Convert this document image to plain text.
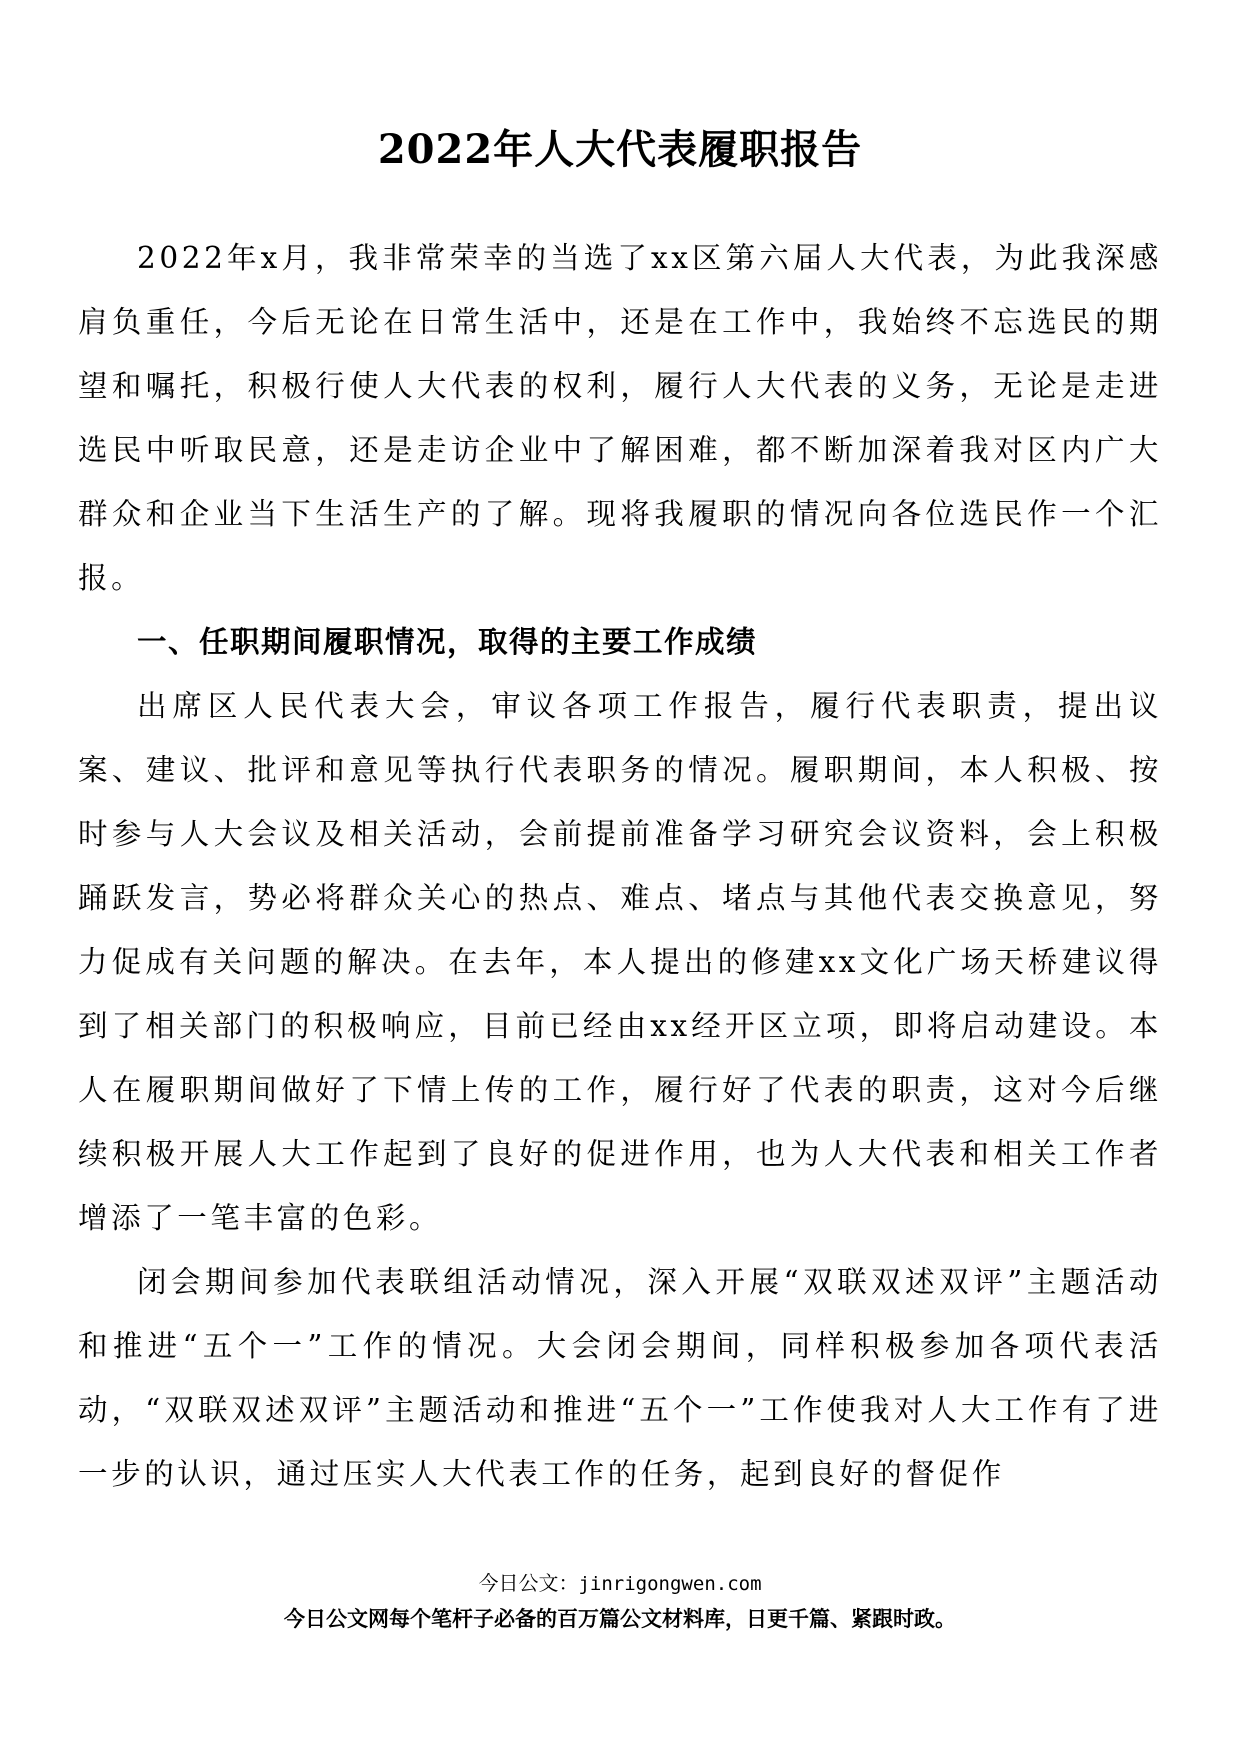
2022年人大代表履职报告

2022年x月，我非常荣幸的当选了xx区第六届人大代表，为此我深感肩负重任，今后无论在日常生活中，还是在工作中，我始终不忘选民的期望和嘱托，积极行使人大代表的权利，履行人大代表的义务，无论是走进选民中听取民意，还是走访企业中了解困难，都不断加深着我对区内广大群众和企业当下生活生产的了解。现将我履职的情况向各位选民作一个汇报。

一、任职期间履职情况，取得的主要工作成绩

出席区人民代表大会，审议各项工作报告，履行代表职责，提出议案、建议、批评和意见等执行代表职务的情况。履职期间，本人积极、按时参与人大会议及相关活动，会前提前准备学习研究会议资料，会上积极踊跃发言，势必将群众关心的热点、难点、堵点与其他代表交换意见，努力促成有关问题的解决。在去年，本人提出的修建xx文化广场天桥建议得到了相关部门的积极响应，目前已经由xx经开区立项，即将启动建设。本人在履职期间做好了下情上传的工作，履行好了代表的职责，这对今后继续积极开展人大工作起到了良好的促进作用，也为人大代表和相关工作者增添了一笔丰富的色彩。

闭会期间参加代表联组活动情况，深入开展“双联双述双评”主题活动和推进“五个一”工作的情况。大会闭会期间，同样积极参加各项代表活动，“双联双述双评”主题活动和推进“五个一”工作使我对人大工作有了进一步的认识，通过压实人大代表工作的任务，起到良好的督促作

今日公文：jinrigongwen.com

今日公文网每个笔杆子必备的百万篇公文材料库，日更千篇、紧跟时政。
